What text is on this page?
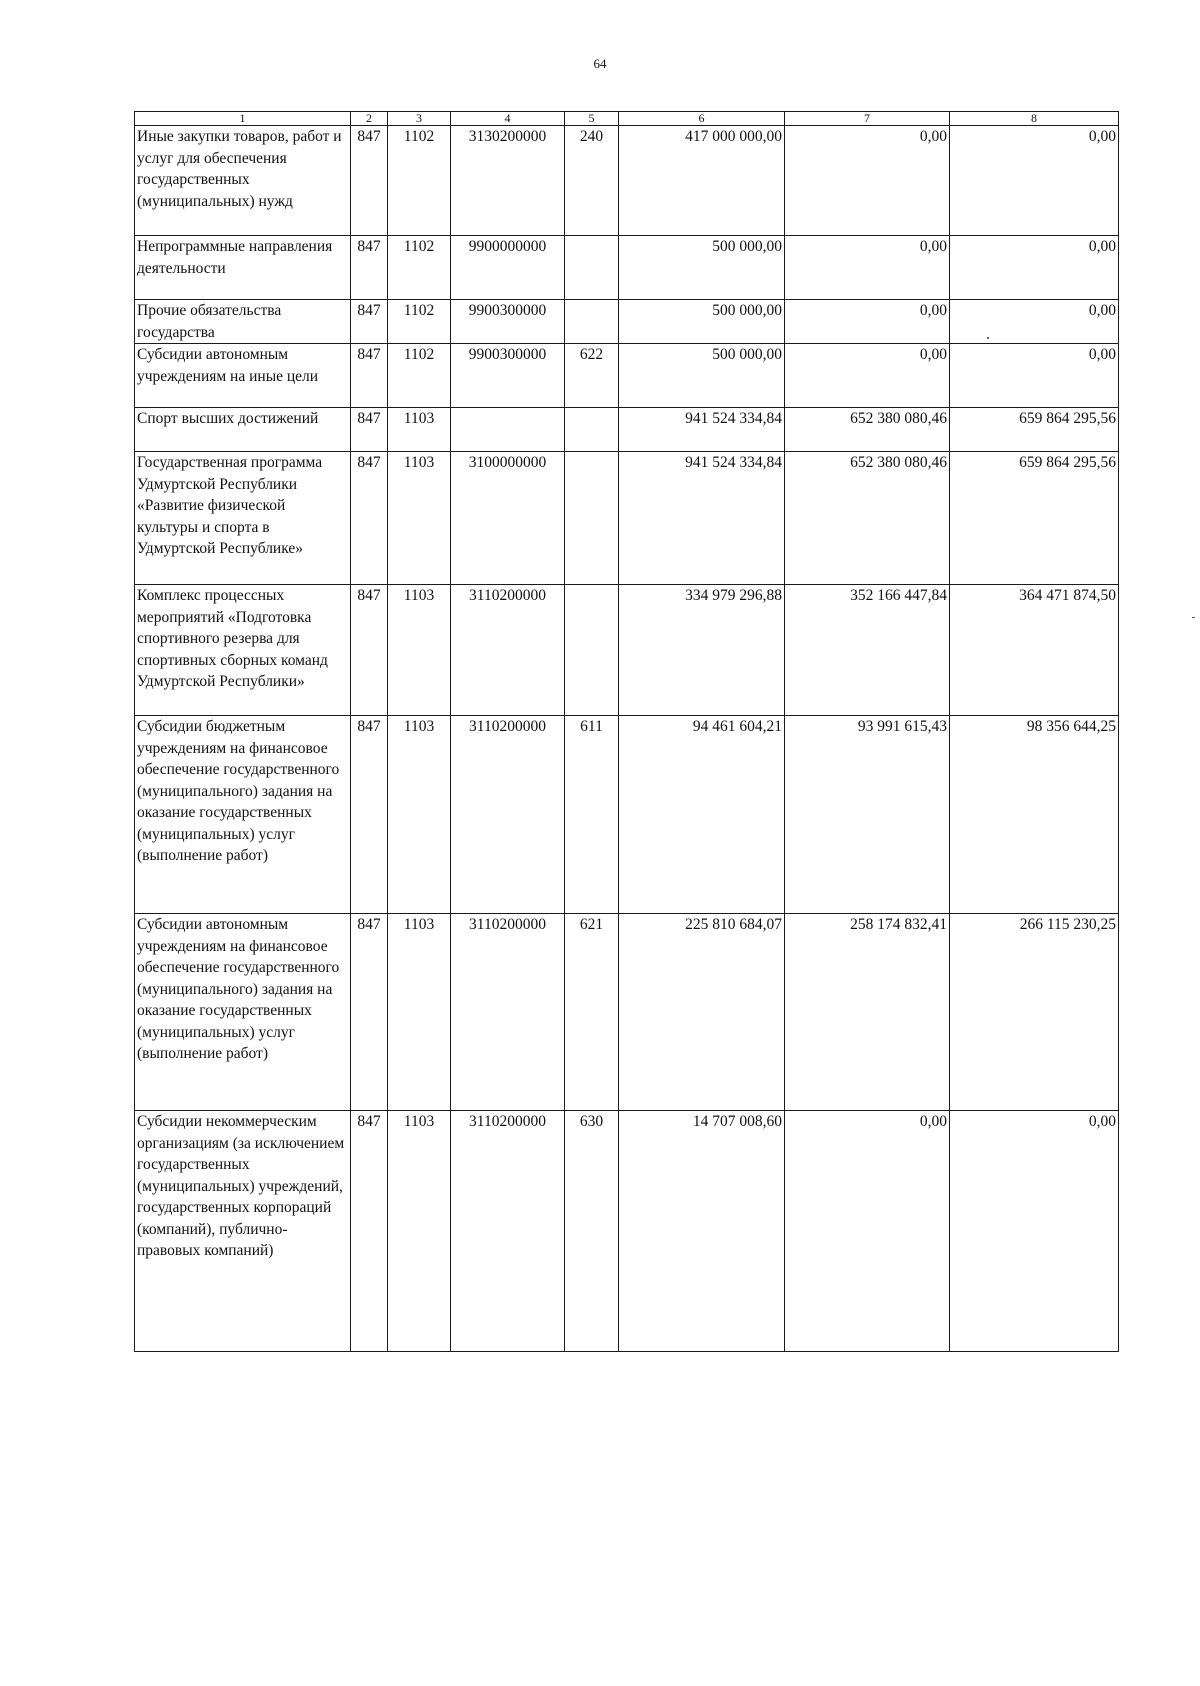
64
1	2	3	4	5	6	7	8
Иные закупки товаров, работ и услуг для обеспечения государственных (муниципальных) нужд	847	1102	3130200000	240	417 000 000,00	0,00	0,00
Непрограммные направления деятельности	847	1102	9900000000		500 000,00	0,00	0,00
Прочие обязательства государства	847	1102	9900300000		500 000,00	0,00	0,00
Субсидии автономным учреждениям на иные цели	847	1102	9900300000	622	500 000,00	0,00	0,00
Спорт высших достижений	847	1103			941 524 334,84	652 380 080,46	659 864 295,56
Государственная программа Удмуртской Республики «Развитие физической культуры и спорта в Удмуртской Республике»	847	1103	3100000000		941 524 334,84	652 380 080,46	659 864 295,56
Комплекс процессных мероприятий «Подготовка спортивного резерва для спортивных сборных команд Удмуртской Республики»	847	1103	3110200000		334 979 296,88	352 166 447,84	364 471 874,50
Субсидии бюджетным учреждениям на финансовое обеспечение государственного (муниципального) задания на оказание государственных (муниципальных) услуг (выполнение работ)	847	1103	3110200000	611	94 461 604,21	93 991 615,43	98 356 644,25
Субсидии автономным учреждениям на финансовое обеспечение государственного (муниципального) задания на оказание государственных (муниципальных) услуг (выполнение работ)	847	1103	3110200000	621	225 810 684,07	258 174 832,41	266 115 230,25
Субсидии некоммерческим организациям (за исключением государственных (муниципальных) учреждений, государственных корпораций (компаний), публично-правовых компаний)	847	1103	3110200000	630	14 707 008,60	0,00	0,00
